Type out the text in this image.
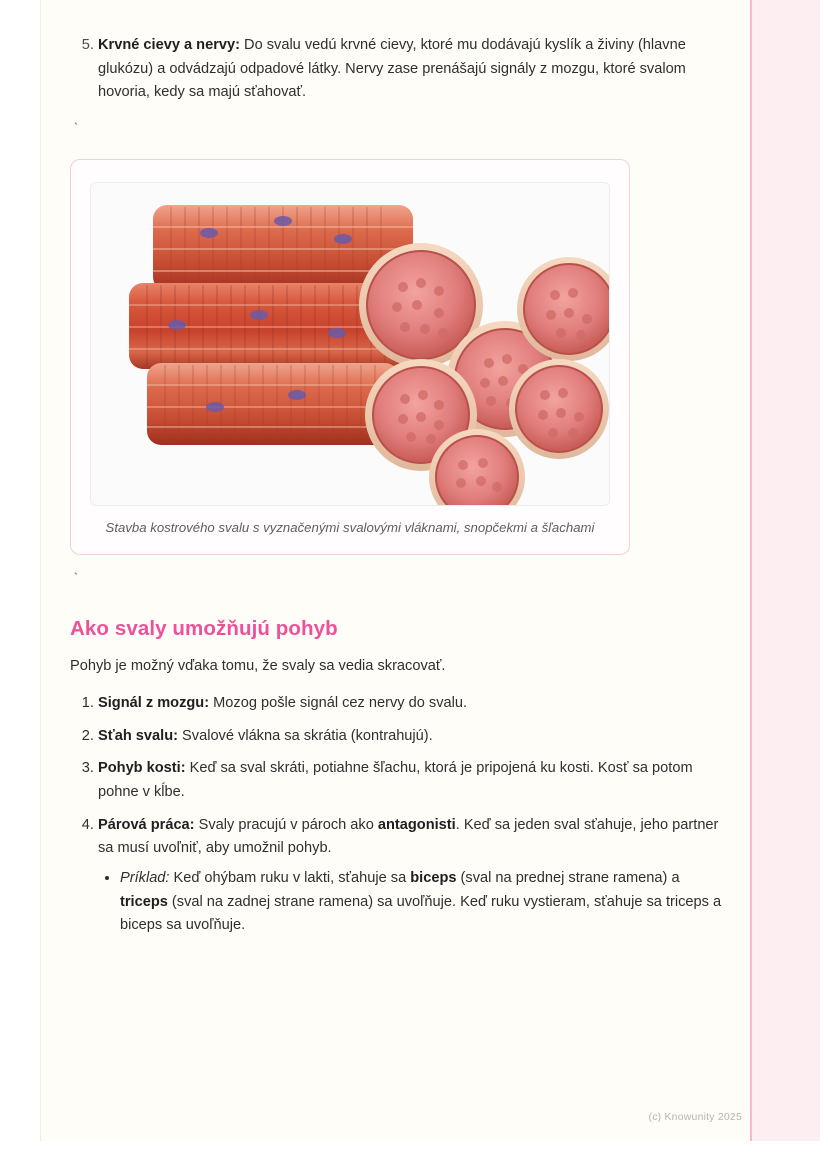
5. Krvné cievy a nervy: Do svalu vedú krvné cievy, ktoré mu dodávajú kyslík a živiny (hlavne glukózu) a odvádzajú odpadové látky. Nervy zase prenášajú signály z mozgu, ktoré svalom hovoria, kedy sa majú sťahovať.
`
Stavba kostrového svalu s vyznačenými svalovými vláknami, snopčekmi a šľachami
`
Ako svaly umožňujú pohyb

Pohyb je možný vďaka tomu, že svaly sa vedia skracovať.

1. Signál z mozgu: Mozog pošle signál cez nervy do svalu.
2. Sťah svalu: Svalové vlákna sa skrátia (kontrahujú).
3. Pohyb kosti: Keď sa sval skráti, potiahne šľachu, ktorá je pripojená ku kosti. Kosť sa potom pohne v kĺbe.
4. Párová práca: Svaly pracujú v pároch ako antagonisti. Keď sa jeden sval sťahuje, jeho partner sa musí uvoľniť, aby umožnil pohyb.
• Príklad: Keď ohýbam ruku v lakti, sťahuje sa biceps (sval na prednej strane ramena) a triceps (sval na zadnej strane ramena) sa uvoľňuje. Keď ruku vystieram, sťahuje sa triceps a biceps sa uvoľňuje.
(c) Knowunity 2025
